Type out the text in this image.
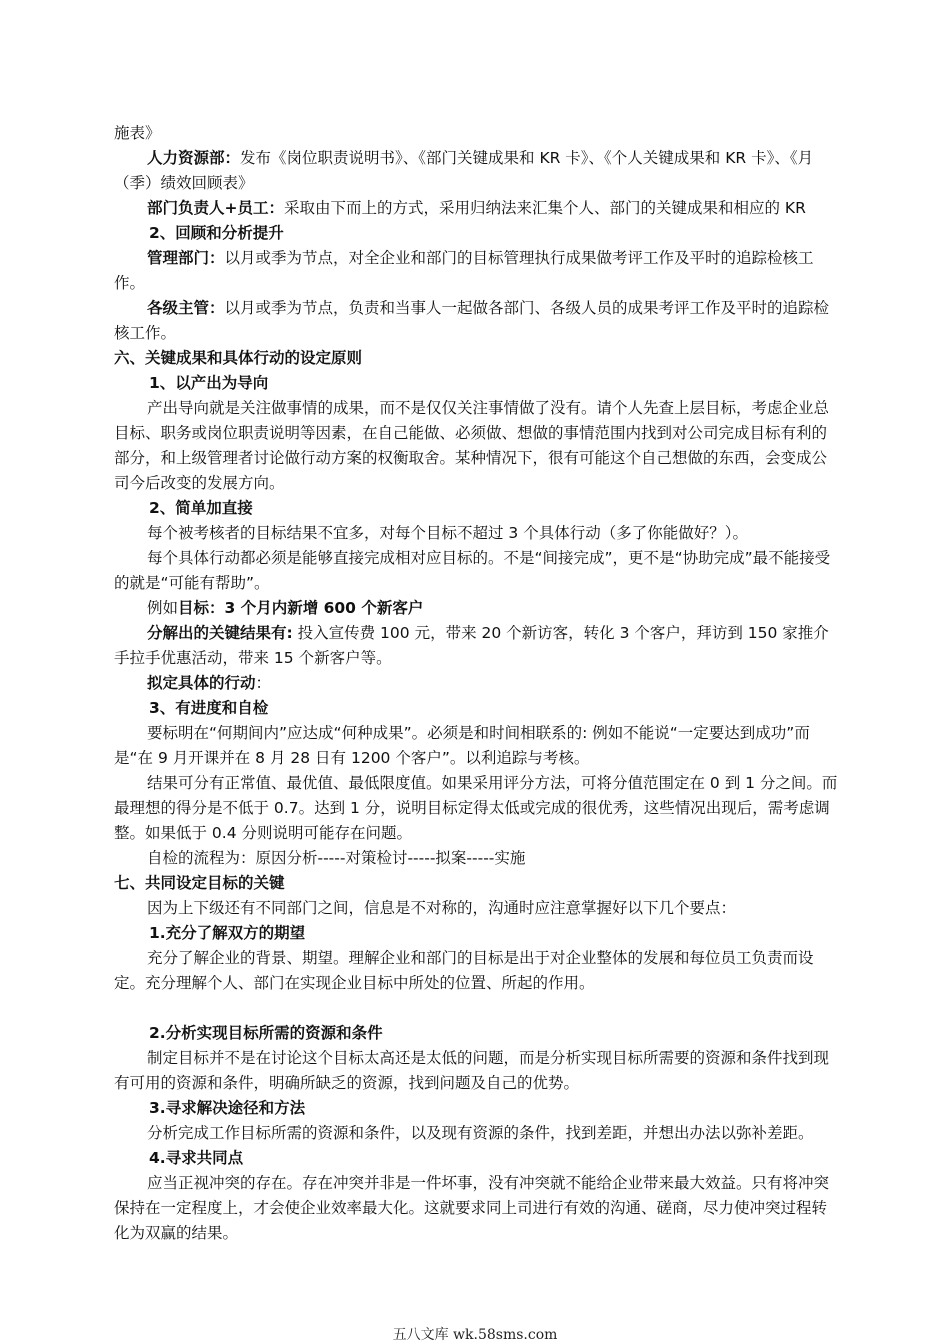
施表》

人力资源部：发布《岗位职责说明书》、《部门关键成果和 KR 卡》、《个人关键成果和 KR 卡》、《月（季）绩效回顾表》

部门负责人+员工：采取由下而上的方式，采用归纳法来汇集个人、部门的关键成果和相应的 KR

2、回顾和分析提升

管理部门：以月或季为节点，对全企业和部门的目标管理执行成果做考评工作及平时的追踪检核工作。

各级主管：以月或季为节点，负责和当事人一起做各部门、各级人员的成果考评工作及平时的追踪检核工作。

六、关键成果和具体行动的设定原则

1、以产出为导向

产出导向就是关注做事情的成果，而不是仅仅关注事情做了没有。请个人先查上层目标，考虑企业总目标、职务或岗位职责说明等因素，在自己能做、必须做、想做的事情范围内找到对公司完成目标有利的部分，和上级管理者讨论做行动方案的权衡取舍。某种情况下，很有可能这个自己想做的东西，会变成公司今后改变的发展方向。

2、简单加直接

每个被考核者的目标结果不宜多，对每个目标不超过 3 个具体行动（多了你能做好？）。

每个具体行动都必须是能够直接完成相对应目标的。不是“间接完成”，更不是“协助完成”最不能接受的就是“可能有帮助”。

例如目标：3 个月内新增 600 个新客户

分解出的关键结果有: 投入宣传费 100 元，带来 20 个新访客，转化 3 个客户，拜访到 150 家推介手拉手优惠活动，带来 15 个新客户等。

拟定具体的行动：

3、有进度和自检

要标明在“何期间内”应达成“何种成果”。必须是和时间相联系的: 例如不能说“一定要达到成功”而是“在 9 月开课并在 8 月 28 日有 1200 个客户”。以利追踪与考核。

结果可分有正常值、最优值、最低限度值。如果采用评分方法，可将分值范围定在 0 到 1 分之间。而最理想的得分是不低于 0.7。达到 1 分，说明目标定得太低或完成的很优秀，这些情况出现后，需考虑调整。如果低于 0.4 分则说明可能存在问题。

自检的流程为：原因分析-----对策检讨-----拟案-----实施

七、共同设定目标的关键

因为上下级还有不同部门之间，信息是不对称的，沟通时应注意掌握好以下几个要点：

1.充分了解双方的期望

充分了解企业的背景、期望。理解企业和部门的目标是出于对企业整体的发展和每位员工负责而设定。充分理解个人、部门在实现企业目标中所处的位置、所起的作用。

2.分析实现目标所需的资源和条件

制定目标并不是在讨论这个目标太高还是太低的问题，而是分析实现目标所需要的资源和条件找到现有可用的资源和条件，明确所缺乏的资源，找到问题及自己的优势。

3.寻求解决途径和方法

分析完成工作目标所需的资源和条件，以及现有资源的条件，找到差距，并想出办法以弥补差距。

4.寻求共同点

应当正视冲突的存在。存在冲突并非是一件坏事，没有冲突就不能给企业带来最大效益。只有将冲突保持在一定程度上，才会使企业效率最大化。这就要求同上司进行有效的沟通、磋商，尽力使冲突过程转化为双赢的结果。

五八文库 wk.58sms.com
